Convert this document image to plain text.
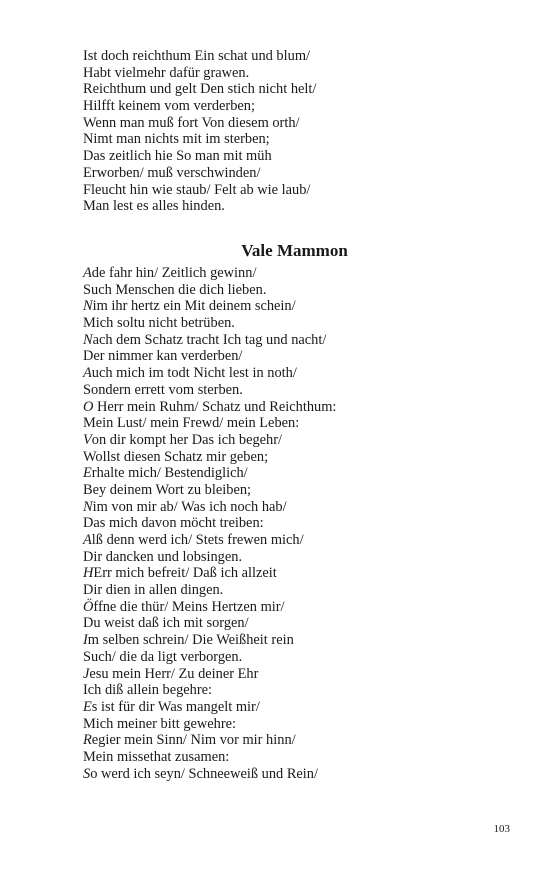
Ist doch reichthum Ein schat und blum/
Habt vielmehr dafür grawen.
Reichthum und gelt Den stich nicht helt/
Hilfft keinem vom verderben;
Wenn man muß fort Von diesem orth/
Nimt man nichts mit im sterben;
Das zeitlich hie So man mit müh
Erworben/ muß verschwinden/
Fleucht hin wie staub/ Felt ab wie laub/
Man lest es alles hinden.
Vale Mammon
Ade fahr hin/ Zeitlich gewinn/
Such Menschen die dich lieben.
Nim ihr hertz ein Mit deinem schein/
Mich soltu nicht betrüben.
Nach dem Schatz tracht Ich tag und nacht/
Der nimmer kan verderben/
Auch mich im todt Nicht lest in noth/
Sondern errett vom sterben.
O Herr mein Ruhm/ Schatz und Reichthum:
Mein Lust/ mein Frewd/ mein Leben:
Von dir kompt her Das ich begehr/
Wollst diesen Schatz mir geben;
Erhalte mich/ Bestendiglich/
Bey deinem Wort zu bleiben;
Nim von mir ab/ Was ich noch hab/
Das mich davon möcht treiben:
Alß denn werd ich/ Stets frewen mich/
Dir dancken und lobsingen.
HErr mich befreit/ Daß ich allzeit
Dir dien in allen dingen.
Öffne die thür/ Meins Hertzen mir/
Du weist daß ich mit sorgen/
Im selben schrein/ Die Weißheit rein
Such/ die da ligt verborgen.
Jesu mein Herr/ Zu deiner Ehr
Ich diß allein begehre:
Es ist für dir Was mangelt mir/
Mich meiner bitt gewehre:
Regier mein Sinn/ Nim vor mir hinn/
Mein missethat zusamen:
So werd ich seyn/ Schneeweiß und Rein/
103
